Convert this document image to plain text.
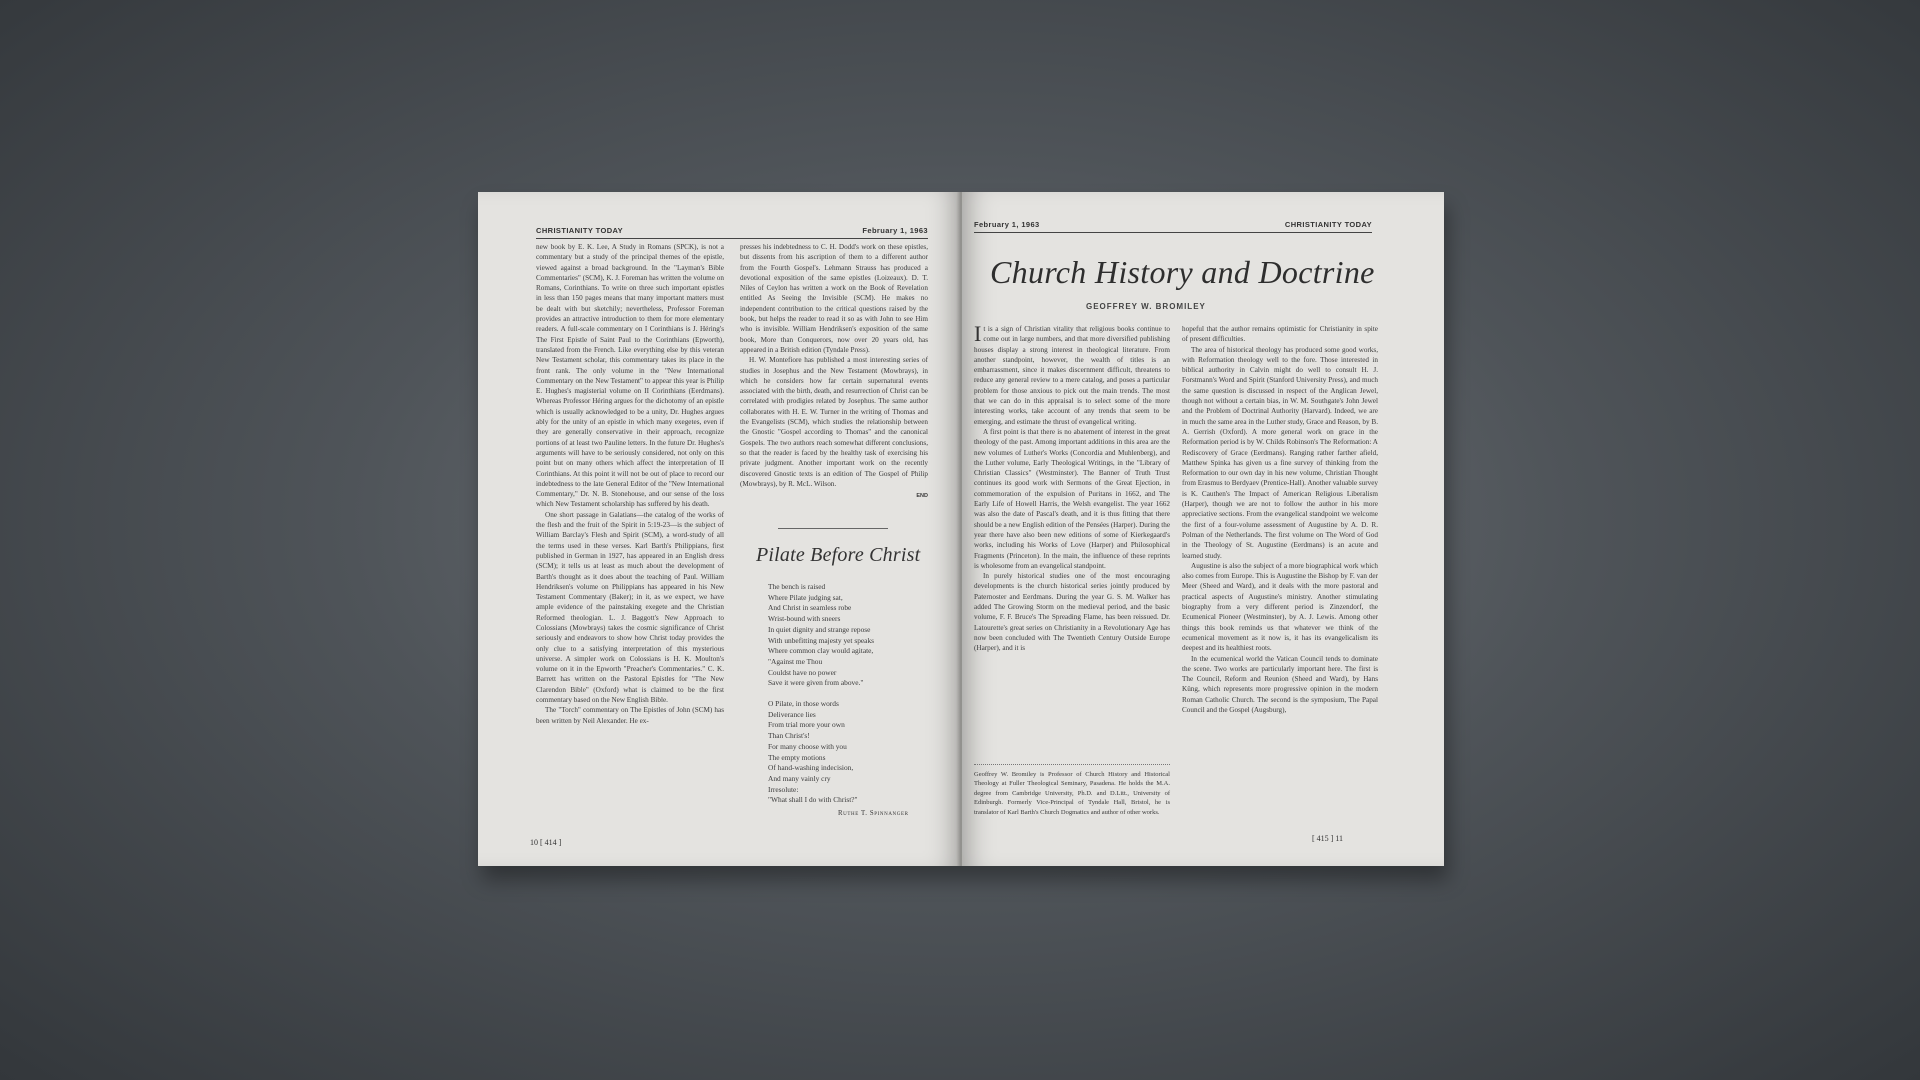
CHRISTIANITY TODAY	February 1, 1963

new book by E. K. Lee, A Study in Romans (SPCK), is not a commentary but a study of the principal themes of the epistle, viewed against a broad background. In the "Layman's Bible Commentaries" (SCM), K. J. Foreman has written the volume on Romans, Corinthians. To write on three such important epistles in less than 150 pages means that many important matters must be dealt with but sketchily; nevertheless, Professor Foreman provides an attractive introduction to them for more elementary readers. A full-scale commentary on I Corinthians is J. Héring's The First Epistle of Saint Paul to the Corinthians (Epworth), translated from the French. Like everything else by this veteran New Testament scholar, this commentary takes its place in the front rank. The only volume in the "New International Commentary on the New Testament" to appear this year is Philip E. Hughes's magisterial volume on II Corinthians (Eerdmans). Whereas Professor Héring argues for the dichotomy of an epistle which is usually acknowledged to be a unity, Dr. Hughes argues ably for the unity of an epistle in which many exegetes, even if they are generally conservative in their approach, recognize portions of at least two Pauline letters. In the future Dr. Hughes's arguments will have to be seriously considered, not only on this point but on many others which affect the interpretation of II Corinthians. At this point it will not be out of place to record our indebtedness to the late General Editor of the "New International Commentary," Dr. N. B. Stonehouse, and our sense of the loss which New Testament scholarship has suffered by his death.

One short passage in Galatians—the catalog of the works of the flesh and the fruit of the Spirit in 5:19-23—is the subject of William Barclay's Flesh and Spirit (SCM), a word-study of all the terms used in these verses. Karl Barth's Philippians, first published in German in 1927, has appeared in an English dress (SCM); it tells us at least as much about the development of Barth's thought as it does about the teaching of Paul. William Hendriksen's volume on Philippians has appeared in his New Testament Commentary (Baker); in it, as we expect, we have ample evidence of the painstaking exegete and the Christian Reformed theologian. L. J. Baggott's New Approach to Colossians (Mowbrays) takes the cosmic significance of Christ seriously and endeavors to show how Christ today provides the only clue to a satisfying interpretation of this mysterious universe. A simpler work on Colossians is H. K. Moulton's volume on it in the Epworth "Preacher's Commentaries." C. K. Barrett has written on the Pastoral Epistles for "The New Clarendon Bible" (Oxford) what is claimed to be the first commentary based on the New English Bible.

The "Torch" commentary on The Epistles of John (SCM) has been written by Neil Alexander. He ex-

presses his indebtedness to C. H. Dodd's work on these epistles, but dissents from his ascription of them to a different author from the Fourth Gospel's. Lehmann Strauss has produced a devotional exposition of the same epistles (Loizeaux). D. T. Niles of Ceylon has written a work on the Book of Revelation entitled As Seeing the Invisible (SCM). He makes no independent contribution to the critical questions raised by the book, but helps the reader to read it so as with John to see Him who is invisible. William Hendriksen's exposition of the same book, More than Conquerors, now over 20 years old, has appeared in a British edition (Tyndale Press).

H. W. Montefiore has published a most interesting series of studies in Josephus and the New Testament (Mowbrays), in which he considers how far certain supernatural events associated with the birth, death, and resurrection of Christ can be correlated with prodigies related by Josephus. The same author collaborates with H. E. W. Turner in the writing of Thomas and the Evangelists (SCM), which studies the relationship between the Gnostic "Gospel according to Thomas" and the canonical Gospels. The two authors reach somewhat different conclusions, so that the reader is faced by the healthy task of exercising his private judgment. Another important work on the recently discovered Gnostic texts is an edition of The Gospel of Philip (Mowbrays), by R. McL. Wilson.

END
Pilate Before Christ
The bench is raised
Where Pilate judging sat,
And Christ in seamless robe
Wrist-bound with sneers
In quiet dignity and strange repose
With unbefitting majesty yet speaks
Where common clay would agitate,
"Against me Thou
Couldst have no power
Save it were given from above."
O Pilate, in those words
Deliverance lies
From trial more your own
Than Christ's!
For many choose with you
The empty motions
Of hand-washing indecision,
And many vainly cry
Irresolute:
"What shall I do with Christ?"
Ruthe T. Spinnanger
10 [ 414 ]
February 1, 1963	CHRISTIANITY TODAY
Church History and Doctrine
GEOFFREY W. BROMILEY

It is a sign of Christian vitality that religious books continue to come out in large numbers, and that more diversified publishing houses display a strong interest in theological literature. From another standpoint, however, the wealth of titles is an embarrassment, since it makes discernment difficult, threatens to reduce any general review to a mere catalog, and poses a particular problem for those anxious to pick out the main trends. The most that we can do in this appraisal is to select some of the more interesting works, take account of any trends that seem to be emerging, and estimate the thrust of evangelical writing.

A first point is that there is no abatement of interest in the great theology of the past. Among important additions in this area are the new volumes of Luther's Works (Concordia and Muhlenberg), and the Luther volume, Early Theological Writings, in the "Library of Christian Classics" (Westminster). The Banner of Truth Trust continues its good work with Sermons of the Great Ejection, in commemoration of the expulsion of Puritans in 1662, and The Early Life of Howell Harris, the Welsh evangelist. The year 1662 was also the date of Pascal's death, and it is thus fitting that there should be a new English edition of the Pensées (Harper). During the year there have also been new editions of some of Kierkegaard's works, including his Works of Love (Harper) and Philosophical Fragments (Princeton). In the main, the influence of these reprints is wholesome from an evangelical standpoint.

In purely historical studies one of the most encouraging developments is the church historical series jointly produced by Paternoster and Eerdmans. During the year G. S. M. Walker has added The Growing Storm on the medieval period, and the basic volume, F. F. Bruce's The Spreading Flame, has been reissued. Dr. Latourette's great series on Christianity in a Revolutionary Age has now been concluded with The Twentieth Century Outside Europe (Harper), and it is

Geoffrey W. Bromiley is Professor of Church History and Historical Theology at Fuller Theological Seminary, Pasadena. He holds the M.A. degree from Cambridge University, Ph.D. and D.Litt., University of Edinburgh. Formerly Vice-Principal of Tyndale Hall, Bristol, he is translator of Karl Barth's Church Dogmatics and author of other works.

hopeful that the author remains optimistic for Christianity in spite of present difficulties.

The area of historical theology has produced some good works, with Reformation theology well to the fore. Those interested in biblical authority in Calvin might do well to consult H. J. Forstmann's Word and Spirit (Stanford University Press), and much the same question is discussed in respect of the Anglican Jewel, though not without a certain bias, in W. M. Southgate's John Jewel and the Problem of Doctrinal Authority (Harvard). Indeed, we are in much the same area in the Luther study, Grace and Reason, by B. A. Gerrish (Oxford). A more general work on grace in the Reformation period is by W. Childs Robinson's The Reformation: A Rediscovery of Grace (Eerdmans). Ranging rather farther afield, Matthew Spinka has given us a fine survey of thinking from the Reformation to our own day in his new volume, Christian Thought from Erasmus to Berdyaev (Prentice-Hall). Another valuable survey is K. Cauthen's The Impact of American Religious Liberalism (Harper), though we are not to follow the author in his more appreciative sections. From the evangelical standpoint we welcome the first of a four-volume assessment of Augustine by A. D. R. Polman of the Netherlands. The first volume on The Word of God in the Theology of St. Augustine (Eerdmans) is an acute and learned study.

Augustine is also the subject of a more biographical work which also comes from Europe. This is Augustine the Bishop by F. van der Meer (Sheed and Ward), and it deals with the more pastoral and practical aspects of Augustine's ministry. Another stimulating biography from a very different period is Zinzendorf, the Ecumenical Pioneer (Westminster), by A. J. Lewis. Among other things this book reminds us that whatever we think of the ecumenical movement as it now is, it has its evangelicalism its deepest and its healthiest roots.

In the ecumenical world the Vatican Council tends to dominate the scene. Two works are particularly important here. The first is The Council, Reform and Reunion (Sheed and Ward), by Hans Küng, which represents more progressive opinion in the modern Roman Catholic Church. The second is the symposium, The Papal Council and the Gospel (Augsburg),

[ 415 ] 11
